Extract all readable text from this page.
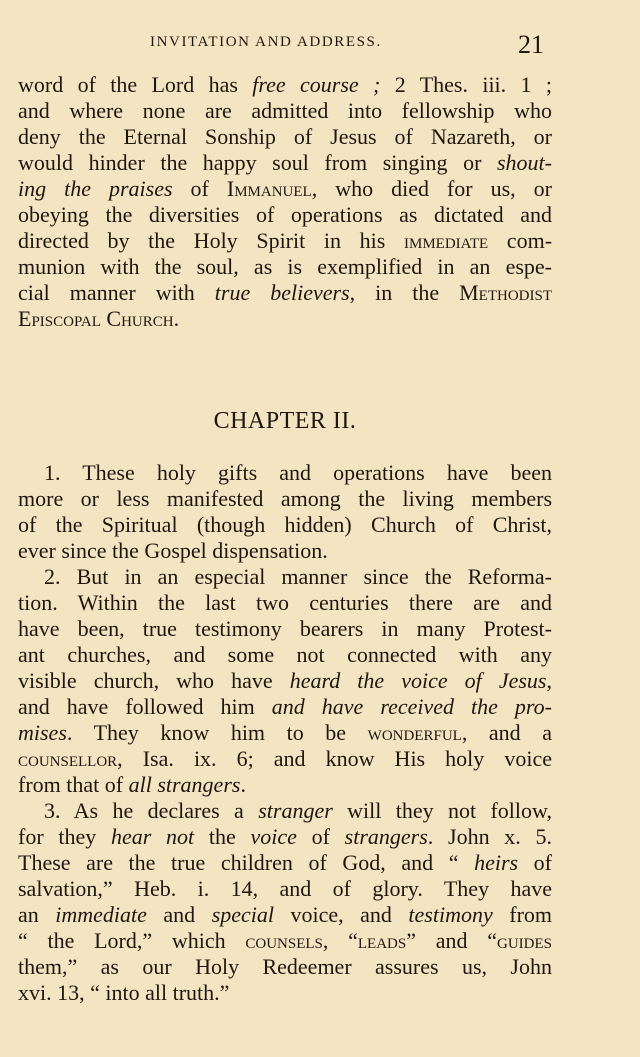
INVITATION AND ADDRESS.	21
word of the Lord has free course ; 2 Thes. iii. 1 ;
and where none are admitted into fellowship who
deny the Eternal Sonship of Jesus of Nazareth, or
would hinder the happy soul from singing or shout-
ing the praises of Immanuel, who died for us, or
obeying the diversities of operations as dictated and
directed by the Holy Spirit in his immediate com-
munion with the soul, as is exemplified in an espe-
cial manner with true believers, in the Methodist
Episcopal Church.
CHAPTER II.
1. These holy gifts and operations have been
more or less manifested among the living members
of the Spiritual (though hidden) Church of Christ,
ever since the Gospel dispensation.
2. But in an especial manner since the Reforma-
tion. Within the last two centuries there are and
have been, true testimony bearers in many Protest-
ant churches, and some not connected with any
visible church, who have heard the voice of Jesus,
and have followed him and have received the pro-
mises. They know him to be wonderful, and a
counsellor, Isa. ix. 6; and know His holy voice
from that of all strangers.
3. As he declares a stranger will they not follow,
for they hear not the voice of strangers. John x. 5.
These are the true children of God, and “ heirs of
salvation,” Heb. i. 14, and of glory. They have
an immediate and special voice, and testimony from
“ the Lord,” which counsels, “leads” and “guides
them,” as our Holy Redeemer assures us, John
xvi. 13, “ into all truth.”
